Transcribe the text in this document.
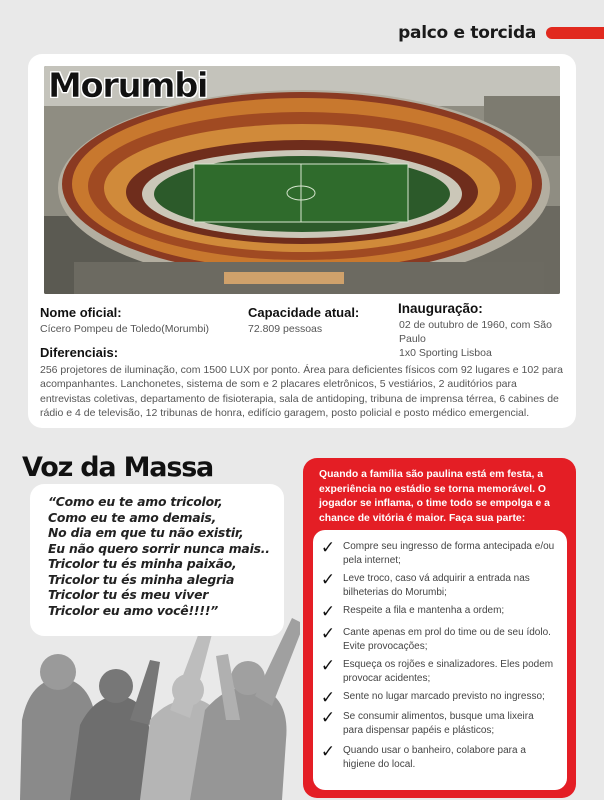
palco e torcida
Morumbi
Nome oficial:
Cícero Pompeu de Toledo(Morumbi)
Capacidade atual:
72.809 pessoas
Inauguração:
02 de outubro de 1960, com São Paulo
1x0 Sporting Lisboa
Diferenciais:
256 projetores de iluminação, com 1500 LUX por ponto. Área para deficientes físicos com 92 lugares e 102 para acompanhantes. Lanchonetes, sistema de som e 2 placares eletrônicos, 5 vestiários, 2 auditórios para entrevistas coletivas, departamento de fisioterapia, sala de antidoping, tribuna de imprensa térrea, 6 cabines de rádio e 4 de televisão, 12 tribunas de honra, edifício garagem, posto policial e posto médico emergencial.
Voz da Massa
“Como eu te amo tricolor,
Como eu te amo demais,
No dia em que tu não existir,
Eu não quero sorrir nunca mais..
Tricolor tu és minha paixão,
Tricolor tu és minha alegria
Tricolor tu és meu viver
Tricolor eu amo você!!!!”
Quando a família são paulina está em festa, a experiência no estádio se torna memorável. O jogador se inflama, o time todo se empolga e a chance de vitória é maior. Faça sua parte:
✓ Compre seu ingresso de forma antecipada e/ou pela internet;
✓ Leve troco, caso vá adquirir a entrada nas bilheterias do Morumbi;
✓ Respeite a fila e mantenha a ordem;
✓ Cante apenas em prol do time ou de seu ídolo. Evite provocações;
✓ Esqueça os rojões e sinalizadores. Eles podem provocar acidentes;
✓ Sente no lugar marcado previsto no ingresso;
✓ Se consumir alimentos, busque uma lixeira para dispensar papéis e plásticos;
✓ Quando usar o banheiro, colabore para a higiene do local.
